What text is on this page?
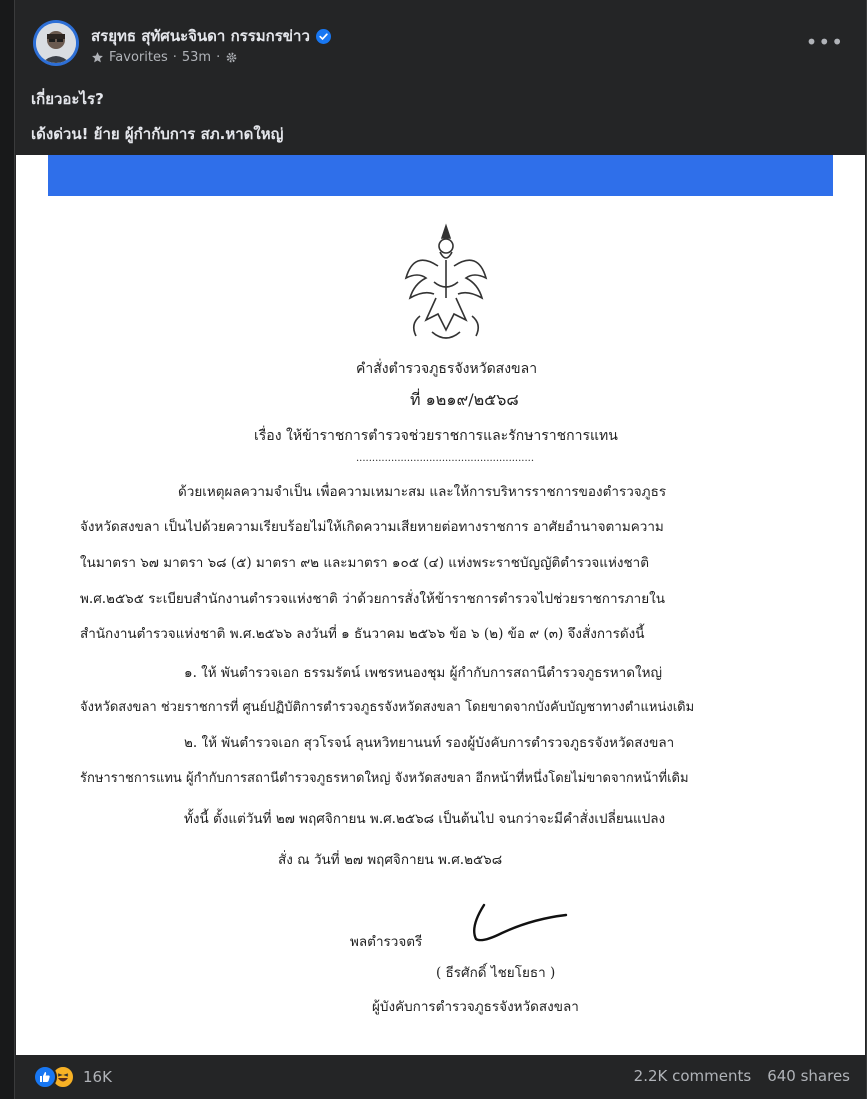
สรยุทธ สุทัศนะจินดา กรรมกรข่าว
Favorites · 53m ·
•••
เกี่ยวอะไร?
เด้งด่วน! ย้าย ผู้กำกับการ สภ.หาดใหญ่
คำสั่งตำรวจภูธรจังหวัดสงขลา
ที่ ๑๒๑๙/๒๕๖๘
เรื่อง ให้ข้าราชการตำรวจช่วยราชการและรักษาราชการแทน
........................................................
ด้วยเหตุผลความจำเป็น เพื่อความเหมาะสม และให้การบริหารราชการของตำรวจภูธร
จังหวัดสงขลา เป็นไปด้วยความเรียบร้อยไม่ให้เกิดความเสียหายต่อทางราชการ อาศัยอำนาจตามความ
ในมาตรา ๖๗ มาตรา ๖๘ (๕) มาตรา ๙๒ และมาตรา ๑๐๕ (๔) แห่งพระราชบัญญัติตำรวจแห่งชาติ
พ.ศ.๒๕๖๕ ระเบียบสำนักงานตำรวจแห่งชาติ ว่าด้วยการสั่งให้ข้าราชการตำรวจไปช่วยราชการภายใน
สำนักงานตำรวจแห่งชาติ พ.ศ.๒๕๖๖ ลงวันที่ ๑ ธันวาคม ๒๕๖๖ ข้อ ๖ (๒) ข้อ ๙ (๓) จึงสั่งการดังนี้
๑. ให้ พันตำรวจเอก ธรรมรัตน์ เพชรหนองชุม ผู้กำกับการสถานีตำรวจภูธรหาดใหญ่
จังหวัดสงขลา ช่วยราชการที่ ศูนย์ปฏิบัติการตำรวจภูธรจังหวัดสงขลา โดยขาดจากบังคับบัญชาทางตำแหน่งเดิม
๒. ให้ พันตำรวจเอก สุวโรจน์ ลุนหวิทยานนท์ รองผู้บังคับการตำรวจภูธรจังหวัดสงขลา
รักษาราชการแทน ผู้กำกับการสถานีตำรวจภูธรหาดใหญ่ จังหวัดสงขลา อีกหน้าที่หนึ่งโดยไม่ขาดจากหน้าที่เดิม
ทั้งนี้ ตั้งแต่วันที่ ๒๗ พฤศจิกายน พ.ศ.๒๕๖๘ เป็นต้นไป จนกว่าจะมีคำสั่งเปลี่ยนแปลง
สั่ง ณ วันที่ ๒๗ พฤศจิกายน พ.ศ.๒๕๖๘
พลตำรวจตรี
( ธีรศักดิ์ ไชยโยธา )
ผู้บังคับการตำรวจภูธรจังหวัดสงขลา
16K	2.2K comments 640 shares
